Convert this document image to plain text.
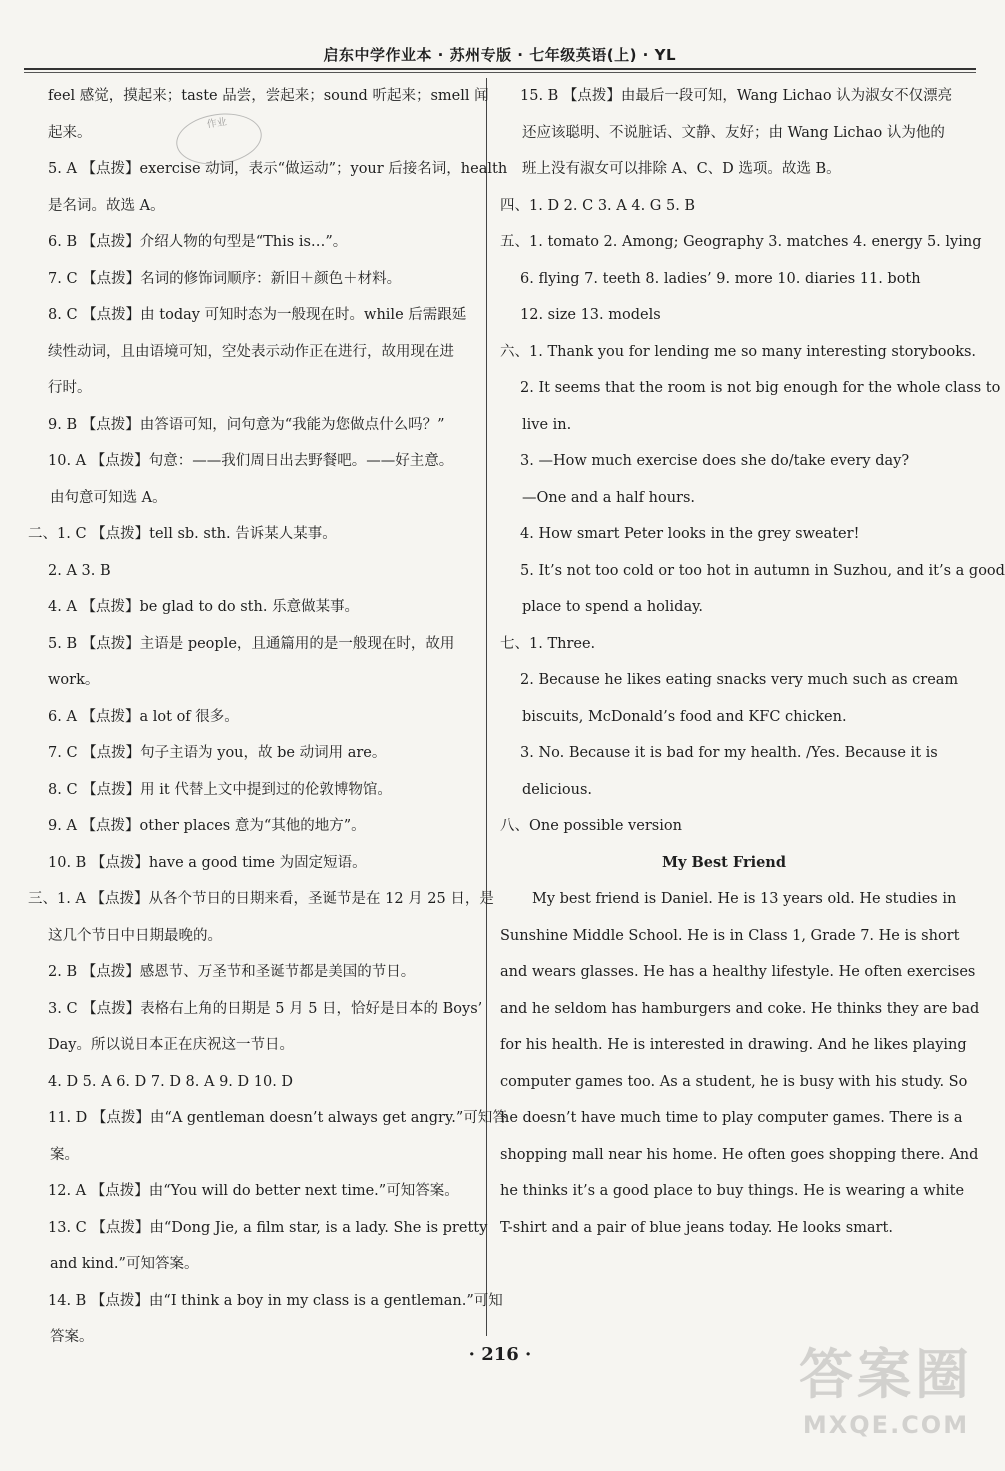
启东中学作业本 · 苏州专版 · 七年级英语(上) · YL
作业
feel 感觉，摸起来；taste 品尝，尝起来；sound 听起来；smell 闻
起来。
5. A 【点拨】exercise 动词，表示“做运动”；your 后接名词，health
是名词。故选 A。
6. B 【点拨】介绍人物的句型是“This is…”。
7. C 【点拨】名词的修饰词顺序：新旧＋颜色＋材料。
8. C 【点拨】由 today 可知时态为一般现在时。while 后需跟延
续性动词，且由语境可知，空处表示动作正在进行，故用现在进
行时。
9. B 【点拨】由答语可知，问句意为“我能为您做点什么吗？”
10. A 【点拨】句意：——我们周日出去野餐吧。——好主意。
由句意可知选 A。
二、1. C 【点拨】tell sb. sth. 告诉某人某事。
2. A 3. B
4. A 【点拨】be glad to do sth. 乐意做某事。
5. B 【点拨】主语是 people，且通篇用的是一般现在时，故用
work。
6. A 【点拨】a lot of 很多。
7. C 【点拨】句子主语为 you，故 be 动词用 are。
8. C 【点拨】用 it 代替上文中提到过的伦敦博物馆。
9. A 【点拨】other places 意为“其他的地方”。
10. B 【点拨】have a good time 为固定短语。
三、1. A 【点拨】从各个节日的日期来看，圣诞节是在 12 月 25 日，是
这几个节日中日期最晚的。
2. B 【点拨】感恩节、万圣节和圣诞节都是美国的节日。
3. C 【点拨】表格右上角的日期是 5 月 5 日，恰好是日本的 Boys’
Day。所以说日本正在庆祝这一节日。
4. D 5. A 6. D 7. D 8. A 9. D 10. D
11. D 【点拨】由“A gentleman doesn’t always get angry.”可知答
案。
12. A 【点拨】由“You will do better next time.”可知答案。
13. C 【点拨】由“Dong Jie, a film star, is a lady. She is pretty
and kind.”可知答案。
14. B 【点拨】由“I think a boy in my class is a gentleman.”可知
答案。
15. B 【点拨】由最后一段可知，Wang Lichao 认为淑女不仅漂亮
还应该聪明、不说脏话、文静、友好；由 Wang Lichao 认为他的
班上没有淑女可以排除 A、C、D 选项。故选 B。
四、1. D 2. C 3. A 4. G 5. B
五、1. tomato 2. Among; Geography 3. matches 4. energy 5. lying
6. flying 7. teeth 8. ladies’ 9. more 10. diaries 11. both
12. size 13. models
六、1. Thank you for lending me so many interesting storybooks.
2. It seems that the room is not big enough for the whole class to
live in.
3. —How much exercise does she do/take every day?
—One and a half hours.
4. How smart Peter looks in the grey sweater!
5. It’s not too cold or too hot in autumn in Suzhou, and it’s a good
place to spend a holiday.
七、1. Three.
2. Because he likes eating snacks very much such as cream
biscuits, McDonald’s food and KFC chicken.
3. No. Because it is bad for my health. /Yes. Because it is
delicious.
八、One possible version
My Best Friend
My best friend is Daniel. He is 13 years old. He studies in
Sunshine Middle School. He is in Class 1, Grade 7. He is short
and wears glasses. He has a healthy lifestyle. He often exercises
and he seldom has hamburgers and coke. He thinks they are bad
for his health. He is interested in drawing. And he likes playing
computer games too. As a student, he is busy with his study. So
he doesn’t have much time to play computer games. There is a
shopping mall near his home. He often goes shopping there. And
he thinks it’s a good place to buy things. He is wearing a white
T-shirt and a pair of blue jeans today. He looks smart.
· 216 ·	答案圈
MXQE.COM
